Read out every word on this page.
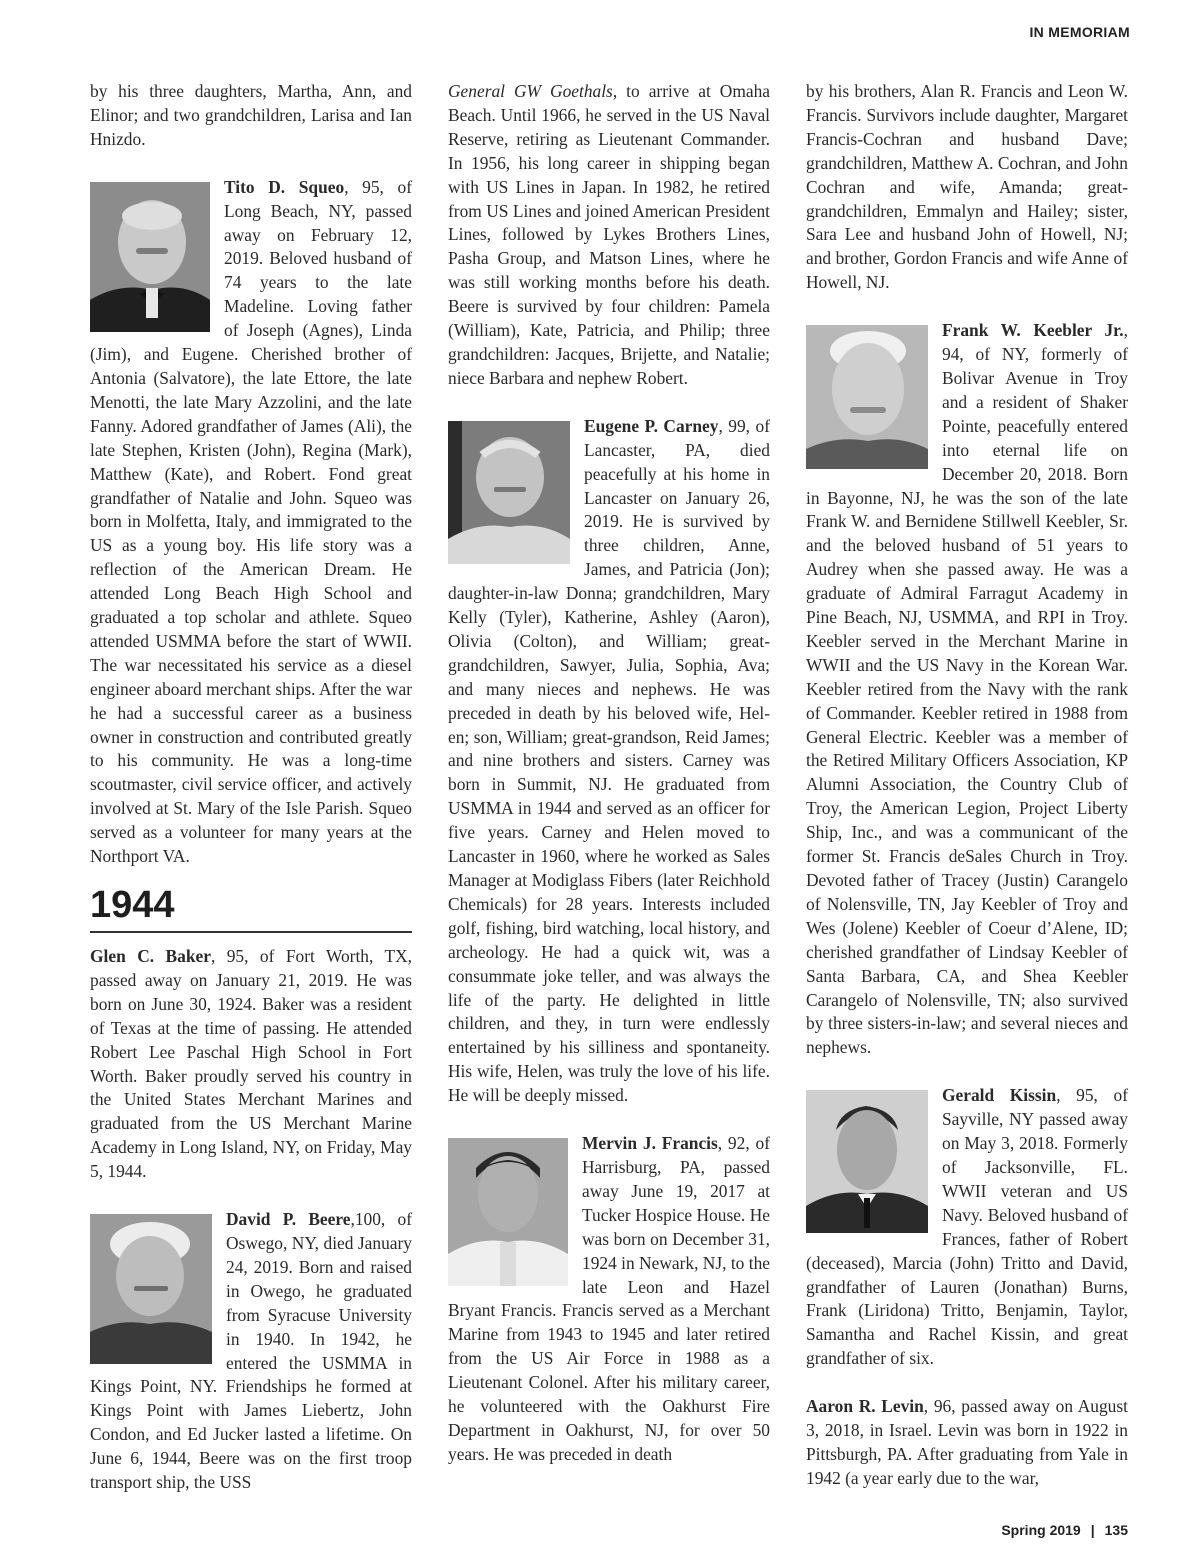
IN MEMORIAM

by his three daughters, Martha, Ann, and Elinor; and two grandchildren, Larisa and Ian Hnizdo.

Tito D. Squeo, 95, of Long Beach, NY, passed away on February 12, 2019. Beloved husband of 74 years to the late Madeline. Loving father of Joseph (Agnes), Linda (Jim), and Eugene. Cherished brother of Antonia (Salvatore), the late Ettore, the late Menotti, the late Mary Azzolini, and the late Fanny. Adored grandfather of James (Ali), the late Stephen, Kristen (John), Regina (Mark), Matthew (Kate), and Robert. Fond great grandfather of Natalie and John. Squeo was born in Molfetta, Italy, and immigrated to the US as a young boy. His life story was a reflection of the American Dream. He attended Long Beach High School and graduated a top scholar and athlete. Squeo attended USMMA before the start of WWII. The war necessitated his service as a diesel engineer aboard merchant ships. After the war he had a successful career as a business owner in construction and contributed greatly to his community. He was a long-time scoutmaster, civil service officer, and actively involved at St. Mary of the Isle Parish. Squeo served as a volunteer for many years at the Northport VA.

1944

Glen C. Baker, 95, of Fort Worth, TX, passed away on January 21, 2019. He was born on June 30, 1924. Baker was a resident of Texas at the time of passing. He attended Robert Lee Paschal High School in Fort Worth. Baker proudly served his country in the United States Merchant Marines and graduated from the US Merchant Marine Academy in Long Island, NY, on Friday, May 5, 1944.

David P. Beere,100, of Oswego, NY, died January 24, 2019. Born and raised in Owego, he graduated from Syracuse University in 1940. In 1942, he entered the USMMA in Kings Point, NY. Friendships he formed at Kings Point with James Liebertz, John Condon, and Ed Jucker lasted a lifetime. On June 6, 1944, Beere was on the first troop transport ship, the USS

General GW Goethals, to arrive at Omaha Beach. Until 1966, he served in the US Naval Reserve, retiring as Lieutenant Commander. In 1956, his long career in shipping began with US Lines in Japan. In 1982, he retired from US Lines and joined American President Lines, followed by Lykes Brothers Lines, Pasha Group, and Matson Lines, where he was still working months before his death. Beere is survived by four children: Pamela (William), Kate, Patricia, and Philip; three grandchildren: Jacques, Brijette, and Natalie; niece Barbara and nephew Robert.

Eugene P. Carney, 99, of Lancaster, PA, died peacefully at his home in Lancaster on January 26, 2019. He is survived by three children, Anne, James, and Patricia (Jon); daughter-in-law Donna; grandchildren, Mary Kelly (Tyler), Katherine, Ashley (Aaron), Olivia (Colton), and William; great-grandchildren, Sawyer, Julia, Sophia, Ava; and many nieces and nephews. He was preceded in death by his beloved wife, Hel-en; son, William; great-grandson, Reid James; and nine brothers and sisters. Carney was born in Summit, NJ. He graduated from USMMA in 1944 and served as an officer for five years. Carney and Helen moved to Lancaster in 1960, where he worked as Sales Manager at Modiglass Fibers (later Reichhold Chemicals) for 28 years. Interests included golf, fishing, bird watching, local history, and archeology. He had a quick wit, was a consummate joke teller, and was always the life of the party. He delighted in little children, and they, in turn were endlessly entertained by his silliness and spontaneity. His wife, Helen, was truly the love of his life. He will be deeply missed.

Mervin J. Francis, 92, of Harrisburg, PA, passed away June 19, 2017 at Tucker Hospice House. He was born on December 31, 1924 in Newark, NJ, to the late Leon and Hazel Bryant Francis. Francis served as a Merchant Marine from 1943 to 1945 and later retired from the US Air Force in 1988 as a Lieutenant Colonel. After his military career, he volunteered with the Oakhurst Fire Department in Oakhurst, NJ, for over 50 years. He was preceded in death

by his brothers, Alan R. Francis and Leon W. Francis. Survivors include daughter, Margaret Francis-Cochran and husband Dave; grandchildren, Matthew A. Cochran, and John Cochran and wife, Amanda; great-grandchildren, Emmalyn and Hailey; sister, Sara Lee and husband John of Howell, NJ; and brother, Gordon Francis and wife Anne of Howell, NJ.

Frank W. Keebler Jr., 94, of NY, formerly of Bolivar Avenue in Troy and a resident of Shaker Pointe, peacefully entered into eternal life on December 20, 2018. Born in Bayonne, NJ, he was the son of the late Frank W. and Bernidene Stillwell Keebler, Sr. and the beloved husband of 51 years to Audrey when she passed away. He was a graduate of Admiral Farragut Academy in Pine Beach, NJ, USMMA, and RPI in Troy. Keebler served in the Merchant Marine in WWII and the US Navy in the Korean War. Keebler retired from the Navy with the rank of Commander. Keebler retired in 1988 from General Electric. Keebler was a member of the Retired Military Officers Association, KP Alumni Association, the Country Club of Troy, the American Legion, Project Liberty Ship, Inc., and was a communicant of the former St. Francis deSales Church in Troy. Devoted father of Tracey (Justin) Carangelo of Nolensville, TN, Jay Keebler of Troy and Wes (Jolene) Keebler of Coeur d’Alene, ID; cherished grandfather of Lindsay Keebler of Santa Barbara, CA, and Shea Keebler Carangelo of Nolensville, TN; also survived by three sisters-in-law; and several nieces and nephews.

Gerald Kissin, 95, of Sayville, NY passed away on May 3, 2018. Formerly of Jacksonville, FL. WWII veteran and US Navy. Beloved husband of Frances, father of Robert (deceased), Marcia (John) Tritto and David, grandfather of Lauren (Jonathan) Burns, Frank (Liridona) Tritto, Benjamin, Taylor, Samantha and Rachel Kissin, and great grandfather of six.

Aaron R. Levin, 96, passed away on August 3, 2018, in Israel. Levin was born in 1922 in Pittsburgh, PA. After graduating from Yale in 1942 (a year early due to the war,

Spring 2019 | 135
